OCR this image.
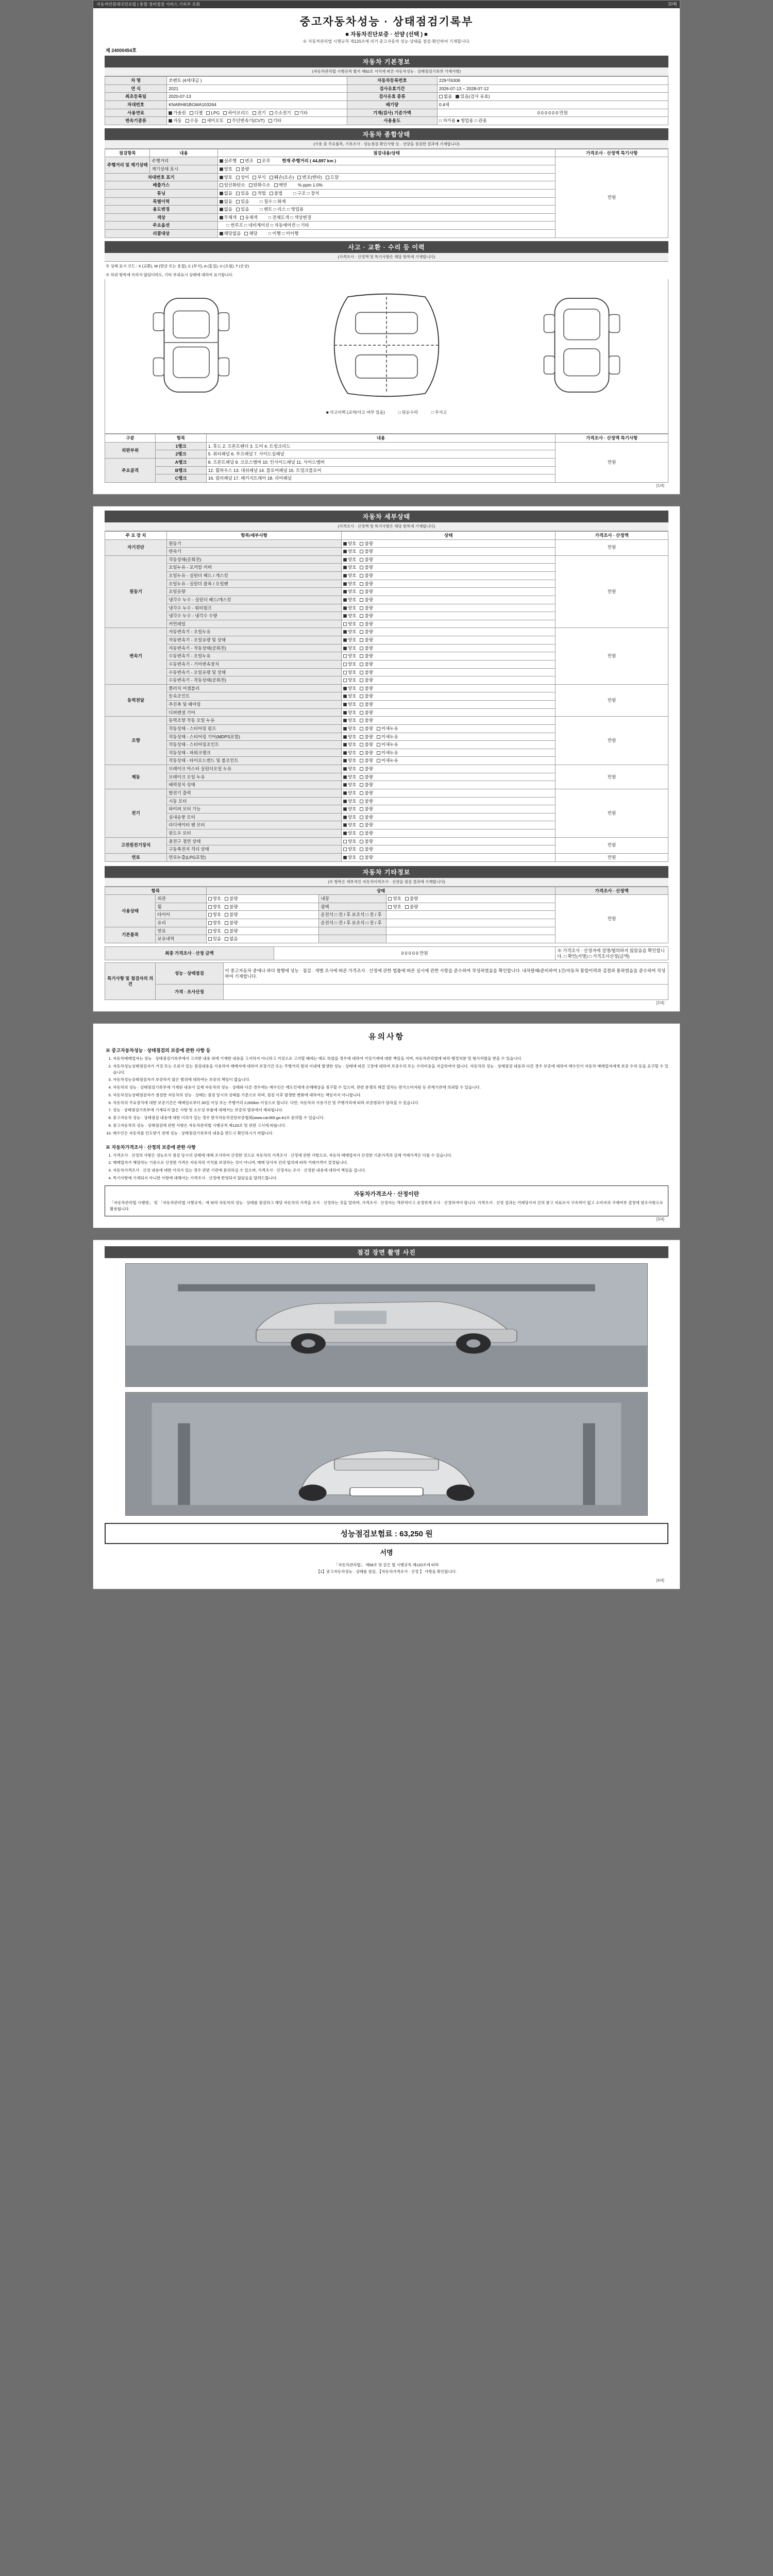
자동차민원대국민포털 | 통합 정비점검 서비스 기록부 조회	[1/4]
중고자동차성능 · 상태점검기록부
■ 자동차진단보증 · 선양 (선택 ) ■
※ 자동차관리법 시행규칙 제120조에 의거 중고자동차 성능·상태를 점검·확인하여 기재합니다.
제 24000454호
자동차 기본정보
(자동차관리법 시행규칙 별지 제82호 서식에 따른 자동차성능 · 상태점검기록부 기재사항)
차 명	쏘렌토 (4세대급 )	자동차등록번호	229서6306
연 식	2021	검사유효기간	2026-07-13 ~ 2028-07-12
최초등록일	2020-07-13	검사유효 종류	없음 있음(검사 유효)
차대번호	KNARH81BGMA103264	배기량	0.4세
사용연료	가솔린 디젤 LPG 하이브리드 전기 수소전기 기타	기재(검사) 기준가액	0 0 0 0 0 0 만원
변속기종류	자동 수동 세미오토 무단변속기(CVT) 기타	사용용도	□ 자가용 ■ 영업용 □ 관용
자동차 종합상태
(사용 중 주요품목, 기록조사 · 성능점검 확인사항 등 · 선양을 점검한 결과에 기재합니다)
점검항목	내용	점검내용/상태	가격조사 · 산정액 특기사항
주행거리 및 계기상태	주행거리	실주행 변조 조작 현재 주행거리 ( 44,897 km )	만원
	계기상태 표시	양호 불량	
차대번호 표기		양호 상이 부식 훼손(오손) 변조(변타) 도말	
배출가스		일산화탄소 탄화수소 매연 % ppm 1.0%	
튜닝		없음 있음 적법 불법 □ 구조 □ 장치	
특별이력		없음 있음 □ 침수 □ 화재	
용도변경		없음 있음 □ 렌트 □ 리스 □ 영업용	
색상		무채색 유채색 □ 전체도색 □ 색상변경	
주요옵션		□ 썬루프 □ 네비게이션 □ 자동에어컨 □ 기타	
리콜대상		해당없음 해당 □ 이행 □ 미이행	
사고 · 교환 · 수리 등 이력
(가격조사 · 산정액 및 특기사항은 해당 항목에 기재합니다)
※ 상태 표시 코드 : X (교환), W (판금 또는 용접), C (부식), A (흠집), U (요철), T (손상)
※ 하위 항목에 속하지 않았더라도, 기타 부위표시 상태에 대하여 표기합니다.
■ 사고이력 (교차/사고 여부 있음)	□ 단순수리	□ 무사고
구분	항목	내용	가격조사 · 산정액 특기사항
외판부위	1랭크	1. 후드 2. 프론트팬더 3. 도어 4. 트렁크리드	만원
	2랭크	5. 쿼터패널 6. 루프패널 7. 사이드실패널	
주요골격	A랭크	8. 프론트패널 9. 크로스멤버 10. 인사이드패널 11. 사이드멤버	
	B랭크	12. 휠하우스 13. 대쉬패널 14. 플로어패널 15. 트렁크플로어	
	C랭크	16. 필러패널 17. 패키지트레이 18. 리어패널	
[1/4]
자동차 세부상태
(가격조사 · 산정액 및 특기사항은 해당 항목에 기재합니다)
주 요 장 치	항목/세부사항	상태	가격조사 · 산정액
자기진단	원동기	양호 불량	만원
	변속기	양호 불량	
원동기	작동상태(공회전)	양호 불량	만원
	오일누유 - 로커암 커버	양호 불량	
	오일누유 - 실린더 헤드 / 개스킷	양호 불량	
	오일누유 - 실린더 블록 / 오일팬	양호 불량	
	오일유량	양호 불량	
	냉각수 누수 - 실린더 헤드/개스킷	양호 불량	
	냉각수 누수 - 워터펌프	양호 불량	
	냉각수 누수 - 냉각수 수량	양호 불량	
	커먼레일	양호 불량	
변속기	자동변속기 - 오일누유	양호 불량	만원
	자동변속기 - 오일유량 및 상태	양호 불량	
	자동변속기 - 작동상태(공회전)	양호 불량	
	수동변속기 - 오일누유	양호 불량	
	수동변속기 - 기어변속장치	양호 불량	
	수동변속기 - 오일유량 및 상태	양호 불량	
	수동변속기 - 작동상태(공회전)	양호 불량	
동력전달	클러치 어셈블리	양호 불량	만원
	등속조인트	양호 불량	
	추진축 및 베어링	양호 불량	
	디퍼렌셜 기어	양호 불량	
조향	동력조향 작동 오일 누유	양호 불량	만원
	작동상태 - 스티어링 펌프	양호 불량 미세누유	
	작동상태 - 스티어링 기어(MDPS포함)	양호 불량 미세누유	
	작동상태 - 스티어링조인트	양호 불량 미세누유	
	작동상태 - 파워크랭크	양호 불량 미세누유	
	작동상태 - 타이로드엔드 및 볼조인트	양호 불량 미세누유	
제동	브레이크 마스터 실린더오일 누유	양호 불량	만원
	브레이크 오일 누유	양호 불량	
	배력장치 상태	양호 불량	
전기	발전기 출력	양호 불량	만원
	시동 모터	양호 불량	
	와이퍼 모터 기능	양호 불량	
	실내송풍 모터	양호 불량	
	라디에이터 팬 모터	양호 불량	
	윈도우 모터	양호 불량	
고전원전기장치	충전구 절연 상태	양호 불량	만원
	구동축전지 격리 상태	양호 불량	
연료	연료누출(LPG포함)	양호 불량	만원
자동차 기타정보
(※ 항목은 세부적인 자동차이력조사 · 선양을 점검 결과에 기재합니다)
항목		상태			가격조사 · 산정액
사용상태	외관	양호 불량	내장	양호 불량	만원
	휠	양호 불량	광택	양호 불량	
	타이어	양호 불량	운전석 □ 전 / 후 보조석 □ 전 / 후		
	유리	양호 불량	운전석 □ 전 / 후 보조석 □ 전 / 후		
기본품목	연료	양호 불량			
	보유내역	있음 없음			
최종 가격조사 · 산정 금액	0 0 0 0 0 만원	※ 가격조사 · 산정자에 설명/협의하지 않았음을 확인합니다. □ 확인(서명) □ 가격조사산정(금액)
특기사항 및 점검자의 의견	성능 · 상태점검	이 중고자동차 중에나 하다 철행에 성능 · 점검 · 개별 조사에 따른 가격조사 · 산정에 관한 법률에 따른 실시에 관한 사항을 준수하여 작성하였음을 확인합니다. 내차팔때/준비하여 1건/자동차 통합이력과 검결과 통하였음을 준수하여 작성하여 기재합니다.
	가격 · 조사산정	
[2/4]
유의사항
※ 중고자동차성능 · 상태점검의 보증에 관한 사항 등
1. 자동차매매업자는 성능 · 상태점검기록부에서 고지한 내용 외에 기재한 내용을 고지하지 아니하고 거짓으로 고지할 때에는 매도 하였을 경우에 대하여 거짓기재에 대한 책임을 지며, 자동차관리법에 따라 행정처분 및 형사처벌을 받을 수 있습니다.
2. 자동차성능상태점검자가 거짓 또는 오류가 있는 점검내용을 사용하여 매매자에 대하여 보장기간 또는 주행거리 범위 이내에 발생한 성능 · 상태에 따른 고장에 대하여 보증수리 또는 수리비용을 지급하여야 합니다. 자동차의 성능 · 상태점검 내용과 다른 경우 보증에 대하여 매수인이 자동차 매매업자에게 보증 수리 등을 요구할 수 있습니다.
3. 자동차성능상태점검자가 보증하지 않은 범위에 대하여는 보증의 책임이 없습니다.
4. 자동차의 성능 · 상태점검기록부에 기재된 내용이 실제 자동차의 성능 · 상태와 다른 경우에는 매수인은 매도인에게 손해배상을 청구할 수 있으며, 관련 분쟁의 해결 절차는 한국소비자원 등 관계기관에 의뢰할 수 있습니다.
5. 자동차성능상태점검자가 점검한 자동차의 성능 · 상태는 점검 당시의 상태를 기준으로 하며, 점검 이후 발생한 변화에 대하여는 책임지지 아니합니다.
6. 자동차의 주요장치에 대한 보증기간은 매매일로부터 30일 이상 또는 주행거리 2,000km 이상으로 합니다. 다만, 자동차의 사용기간 및 주행거리에 따라 보증범위가 달라질 수 있습니다.
7. 성능 · 상태점검기록부에 기재되지 않은 사항 및 소모성 부품에 대해서는 보증의 범위에서 제외됩니다.
8. 중고자동차 성능 · 상태점검 내용에 대한 이의가 있는 경우 한국자동차진단보증협회(www.car365.go.kr)로 문의할 수 있습니다.
9. 중고자동차의 성능 · 상태점검에 관한 사항은 자동차관리법 시행규칙 제120조 및 관련 고시에 따릅니다.
10. 매수인은 자동차를 인도받기 전에 성능 · 상태점검기록부의 내용을 반드시 확인하시기 바랍니다.
※ 자동차가격조사 · 산정의 보증에 관한 사항
1. 가격조사 · 산정의 사항은 성능조사 점검 당시의 상태에 대해 조사하여 산정한 것으로 자동차의 가격조사 · 산정에 관한 사항으로, 자동차 매매업자가 산정한 기준가격과 실제 거래가격은 다를 수 있습니다.
2. 매매업자가 해당하는 기준으로 산정한 가격은 자동차의 가치를 보장하는 것이 아니며, 매매 당사자 간의 합의에 따라 거래가격이 결정됩니다.
3. 자동차가격조사 · 산정 내용에 대한 이의가 있는 경우 관련 기관에 문의하실 수 있으며, 가격조사 · 산정자는 조사 · 산정한 내용에 대하여 책임을 집니다.
4. 특기사항에 기재되지 아니한 사항에 대해서는 가격조사 · 산정에 반영되지 않았음을 알려드립니다.
자동차가격조사 · 산정이란
「자동차관리법 시행령」 및 「자동차관리법 시행규칙」에 따라 자동차의 성능 · 상태를 점검하고 해당 자동차의 가격을 조사 · 산정하는 것을 말하며, 가격조사 · 산정자는 객관적이고 공정하게 조사 · 산정하여야 합니다. 가격조사 · 산정 결과는 거래당사자 간의 참고 자료로서 구속력이 없고 소비자의 구매여부 결정에 참조사항으로 활용됩니다.
[3/4]
점검 장면 촬영 사진
성능점검보험료 : 63,250 원
서명
「자동차관리법」 제58조 및 같은 법 시행규칙 제120조에 따라
【1】중고자동차성능 · 상태를 점검, 【자동차가격조사 · 산정 】 사항을 확인합니다.
[4/4]
